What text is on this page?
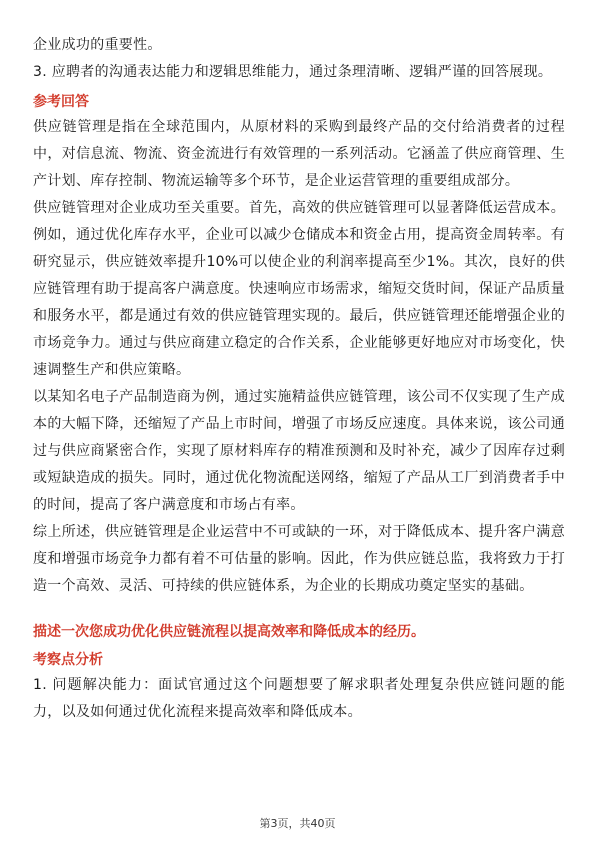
企业成功的重要性。

3. 应聘者的沟通表达能力和逻辑思维能力，通过条理清晰、逻辑严谨的回答展现。

参考回答

供应链管理是指在全球范围内，从原材料的采购到最终产品的交付给消费者的过程中，对信息流、物流、资金流进行有效管理的一系列活动。它涵盖了供应商管理、生产计划、库存控制、物流运输等多个环节，是企业运营管理的重要组成部分。

供应链管理对企业成功至关重要。首先，高效的供应链管理可以显著降低运营成本。例如，通过优化库存水平，企业可以减少仓储成本和资金占用，提高资金周转率。有研究显示，供应链效率提升10%可以使企业的利润率提高至少1%。其次，良好的供应链管理有助于提高客户满意度。快速响应市场需求，缩短交货时间，保证产品质量和服务水平，都是通过有效的供应链管理实现的。最后，供应链管理还能增强企业的市场竞争力。通过与供应商建立稳定的合作关系，企业能够更好地应对市场变化，快速调整生产和供应策略。

以某知名电子产品制造商为例，通过实施精益供应链管理，该公司不仅实现了生产成本的大幅下降，还缩短了产品上市时间，增强了市场反应速度。具体来说，该公司通过与供应商紧密合作，实现了原材料库存的精准预测和及时补充，减少了因库存过剩或短缺造成的损失。同时，通过优化物流配送网络，缩短了产品从工厂到消费者手中的时间，提高了客户满意度和市场占有率。

综上所述，供应链管理是企业运营中不可或缺的一环，对于降低成本、提升客户满意度和增强市场竞争力都有着不可估量的影响。因此，作为供应链总监，我将致力于打造一个高效、灵活、可持续的供应链体系，为企业的长期成功奠定坚实的基础。

描述一次您成功优化供应链流程以提高效率和降低成本的经历。
考察点分析

1. 问题解决能力：面试官通过这个问题想要了解求职者处理复杂供应链问题的能力，以及如何通过优化流程来提高效率和降低成本。

第3页，共40页
